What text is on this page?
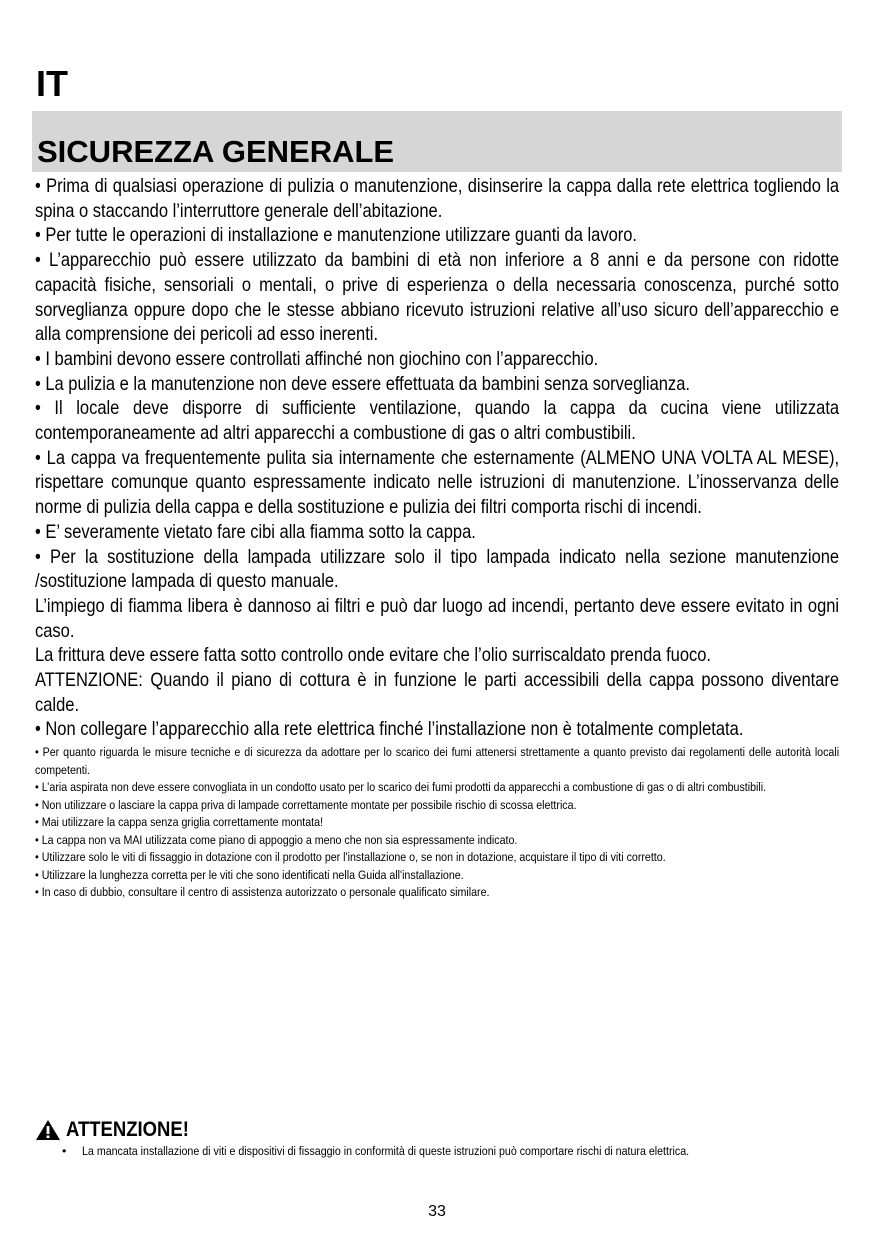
IT
SICUREZZA GENERALE

• Prima di qualsiasi operazione di pulizia o manutenzione, disinserire la cappa dalla rete elettrica togliendo la spina o staccando l’interruttore generale dell’abitazione.

• Per tutte le operazioni di installazione e manutenzione utilizzare guanti da lavoro.

• L’apparecchio può essere utilizzato da bambini di età non inferiore a 8 anni e da persone con ridotte capacità fisiche, sensoriali o mentali, o prive di esperienza o della necessaria conoscenza, purché sotto sorveglianza oppure dopo che le stesse abbiano ricevuto istruzioni relative all’uso sicuro dell’apparecchio e alla comprensione dei pericoli ad esso inerenti.

• I bambini devono essere controllati affinché non giochino con l’apparecchio.

• La pulizia e la manutenzione non deve essere effettuata da bambini senza sorveglianza.

• Il locale deve disporre di sufficiente ventilazione, quando la cappa da cucina viene utilizzata contemporaneamente ad altri apparecchi a combustione di gas o altri combustibili.

• La cappa va frequentemente pulita sia internamente che esternamente (ALMENO UNA VOLTA AL MESE), rispettare comunque quanto espressamente indicato nelle istruzioni di manutenzione. L’inosservanza delle norme di pulizia della cappa e della sostituzione e pulizia dei filtri comporta rischi di incendi.

• E’ severamente vietato fare cibi alla fiamma sotto la cappa.

• Per la sostituzione della lampada utilizzare solo il tipo lampada indicato nella sezione manutenzione /sostituzione lampada di questo manuale.

L’impiego di fiamma libera è dannoso ai filtri e può dar luogo ad incendi, pertanto deve essere evitato in ogni caso.

La frittura deve essere fatta sotto controllo onde evitare che l’olio surriscaldato prenda fuoco.

ATTENZIONE: Quando il piano di cottura è in funzione le parti accessibili della cappa possono diventare calde.

• Non collegare l’apparecchio alla rete elettrica finché l’installazione non è totalmente completata.

• Per quanto riguarda le misure tecniche e di sicurezza da adottare per lo scarico dei fumi attenersi strettamente a quanto previsto dai regolamenti delle autorità locali competenti.

• L’aria aspirata non deve essere convogliata in un condotto usato per lo scarico dei fumi prodotti da apparecchi a combustione di gas o di altri combustibili.

• Non utilizzare o lasciare la cappa priva di lampade correttamente montate per possibile rischio di scossa elettrica.

• Mai utilizzare la cappa senza griglia correttamente montata!

• La cappa non va MAI utilizzata come piano di appoggio a meno che non sia espressamente indicato.

• Utilizzare solo le viti di fissaggio in dotazione con il prodotto per l'installazione o, se non in dotazione, acquistare il tipo di viti corretto.

• Utilizzare la lunghezza corretta per le viti che sono identificati nella Guida all'installazione.

• In caso di dubbio, consultare il centro di assistenza autorizzato o personale qualificato similare.

ATTENZIONE!
•	La mancata installazione di viti e dispositivi di fissaggio in conformità di queste istruzioni può comportare rischi di natura elettrica.
33
